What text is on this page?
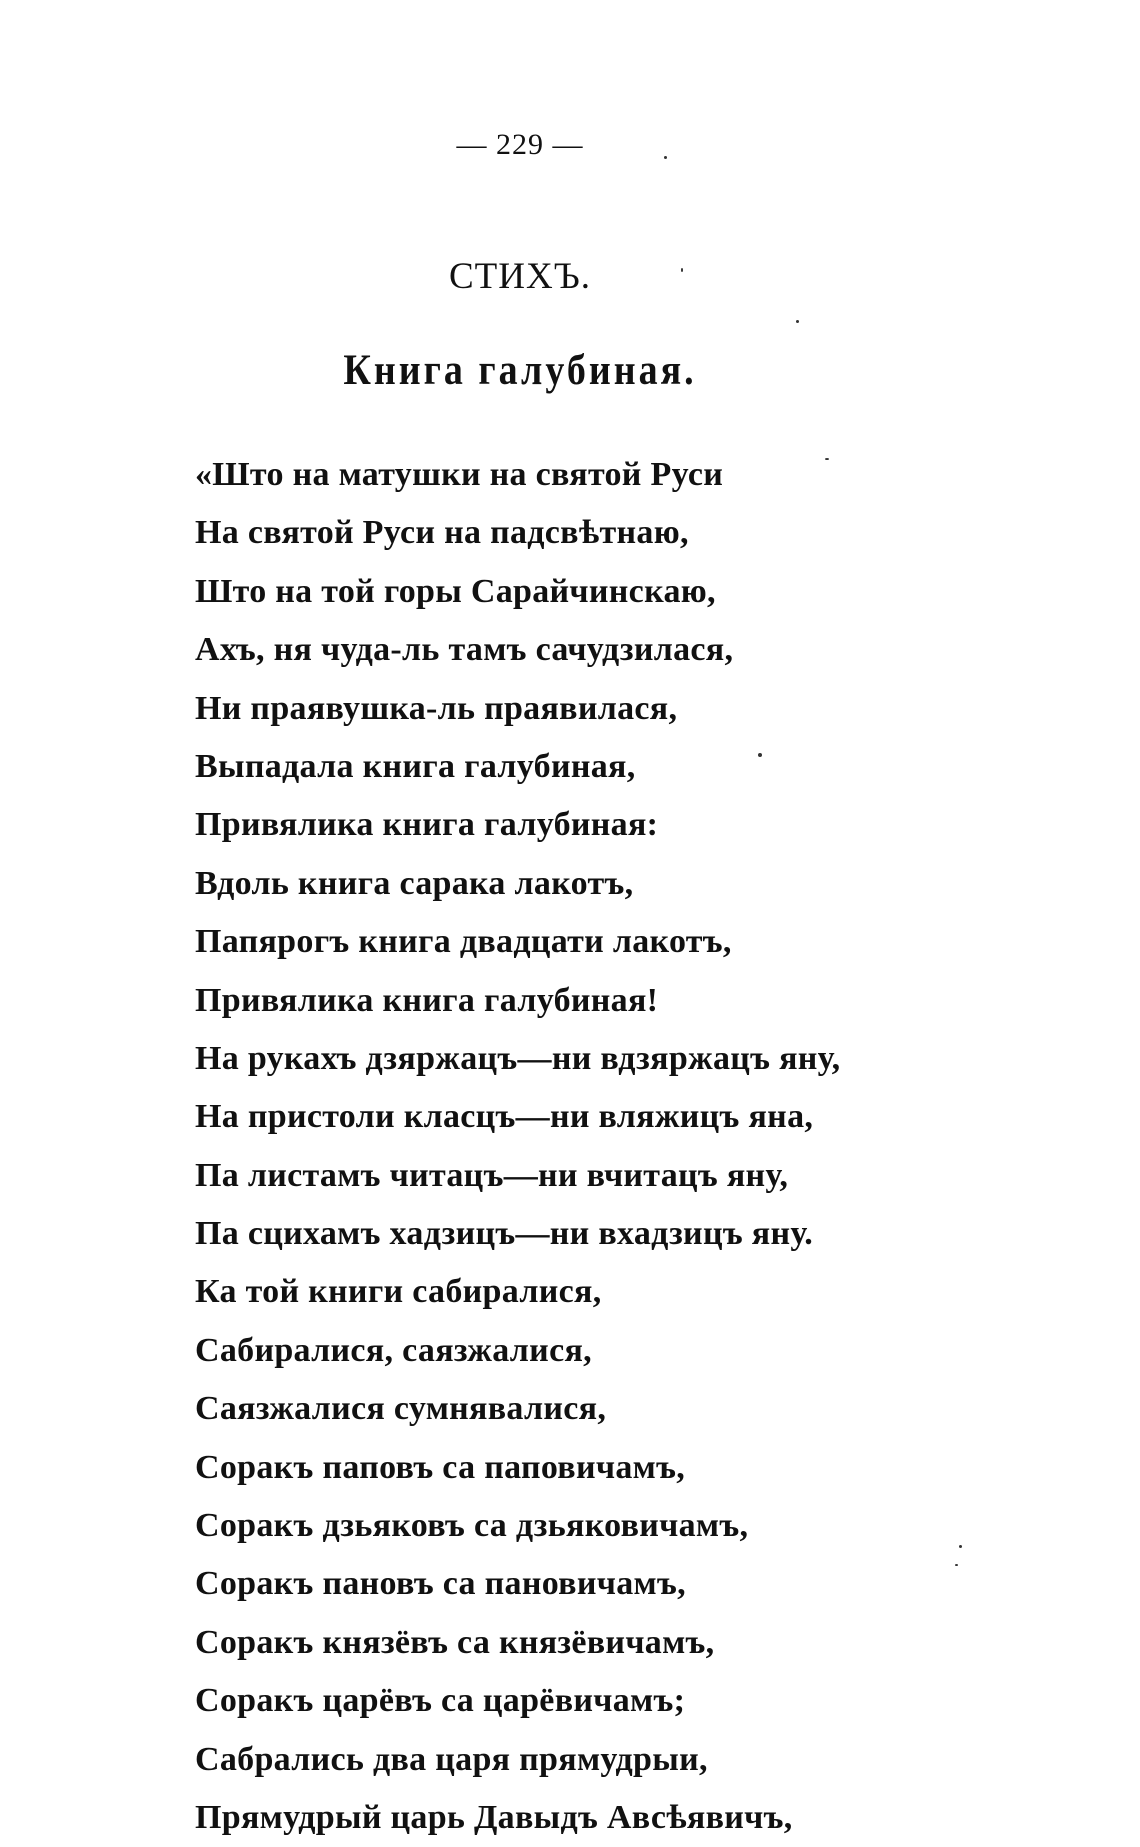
— 229 —
СТИХЪ.
Книга галубиная.
«Што на матушки на святой Руси
На святой Руси на падсвѣтнаю,
Што на той горы Сарайчинскаю,
Ахъ, ня чуда-ль тамъ сачудзилася,
Ни праявушка-ль праявилася,
Выпадала книга галубиная,
Привялика книга галубиная:
Вдоль книга сарака лакотъ,
Папярогъ книга двадцати лакотъ,
Привялика книга галубиная!
На рукахъ дзяржацъ—ни вдзяржацъ яну,
На пристоли класцъ—ни вляжицъ яна,
Па листамъ читацъ—ни вчитацъ яну,
Па сцихамъ хадзицъ—ни вхадзицъ яну.
Ка той книги сабиралися,
Сабиралися, саязжалися,
Саязжалися сумнявалися,
Соракъ паповъ са паповичамъ,
Соракъ дзьяковъ са дзьяковичамъ,
Соракъ пановъ са пановичамъ,
Соракъ князёвъ са князёвичамъ,
Соракъ царёвъ са царёвичамъ;
Сабрались два царя прямудрыи,
Прямудрый царь Давыдъ Авсѣявичъ,
